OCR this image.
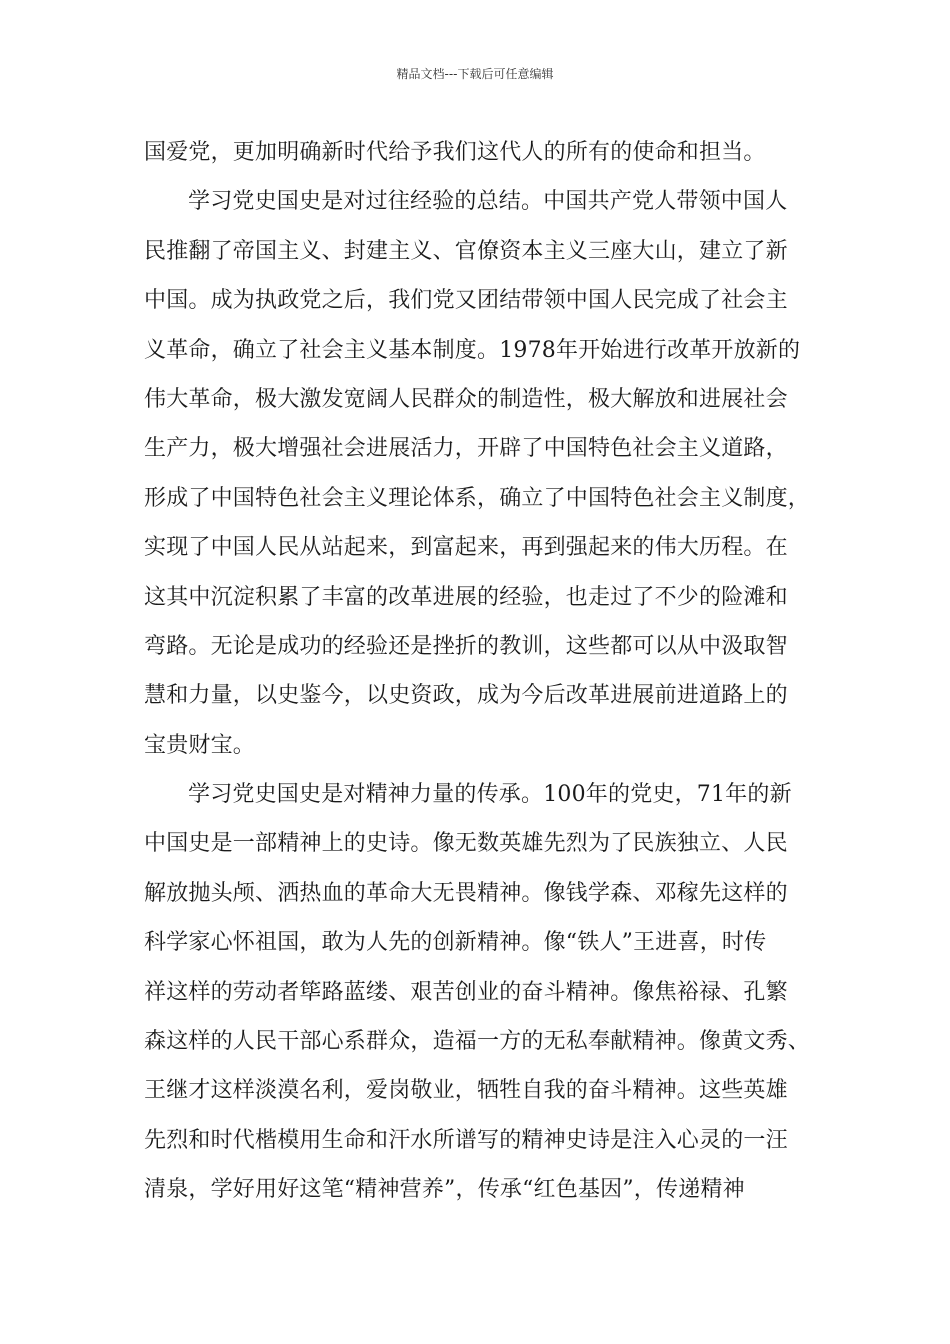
精品文档---下载后可任意编辑
国爱党，更加明确新时代给予我们这代人的所有的使命和担当。
学习党史国史是对过往经验的总结。中国共产党人带领中国人
民推翻了帝国主义、封建主义、官僚资本主义三座大山，建立了新
中国。成为执政党之后，我们党又团结带领中国人民完成了社会主
义革命，确立了社会主义基本制度。1978年开始进行改革开放新的
伟大革命，极大激发宽阔人民群众的制造性，极大解放和进展社会
生产力，极大增强社会进展活力，开辟了中国特色社会主义道路，
形成了中国特色社会主义理论体系，确立了中国特色社会主义制度，
实现了中国人民从站起来，到富起来，再到强起来的伟大历程。在
这其中沉淀积累了丰富的改革进展的经验，也走过了不少的险滩和
弯路。无论是成功的经验还是挫折的教训，这些都可以从中汲取智
慧和力量，以史鉴今，以史资政，成为今后改革进展前进道路上的
宝贵财宝。
学习党史国史是对精神力量的传承。100年的党史，71年的新
中国史是一部精神上的史诗。像无数英雄先烈为了民族独立、人民
解放抛头颅、洒热血的革命大无畏精神。像钱学森、邓稼先这样的
科学家心怀祖国，敢为人先的创新精神。像“铁人”王进喜，时传
祥这样的劳动者筚路蓝缕、艰苦创业的奋斗精神。像焦裕禄、孔繁
森这样的人民干部心系群众，造福一方的无私奉献精神。像黄文秀、
王继才这样淡漠名利，爱岗敬业，牺牲自我的奋斗精神。这些英雄
先烈和时代楷模用生命和汗水所谱写的精神史诗是注入心灵的一汪
清泉，学好用好这笔“精神营养”，传承“红色基因”，传递精神
